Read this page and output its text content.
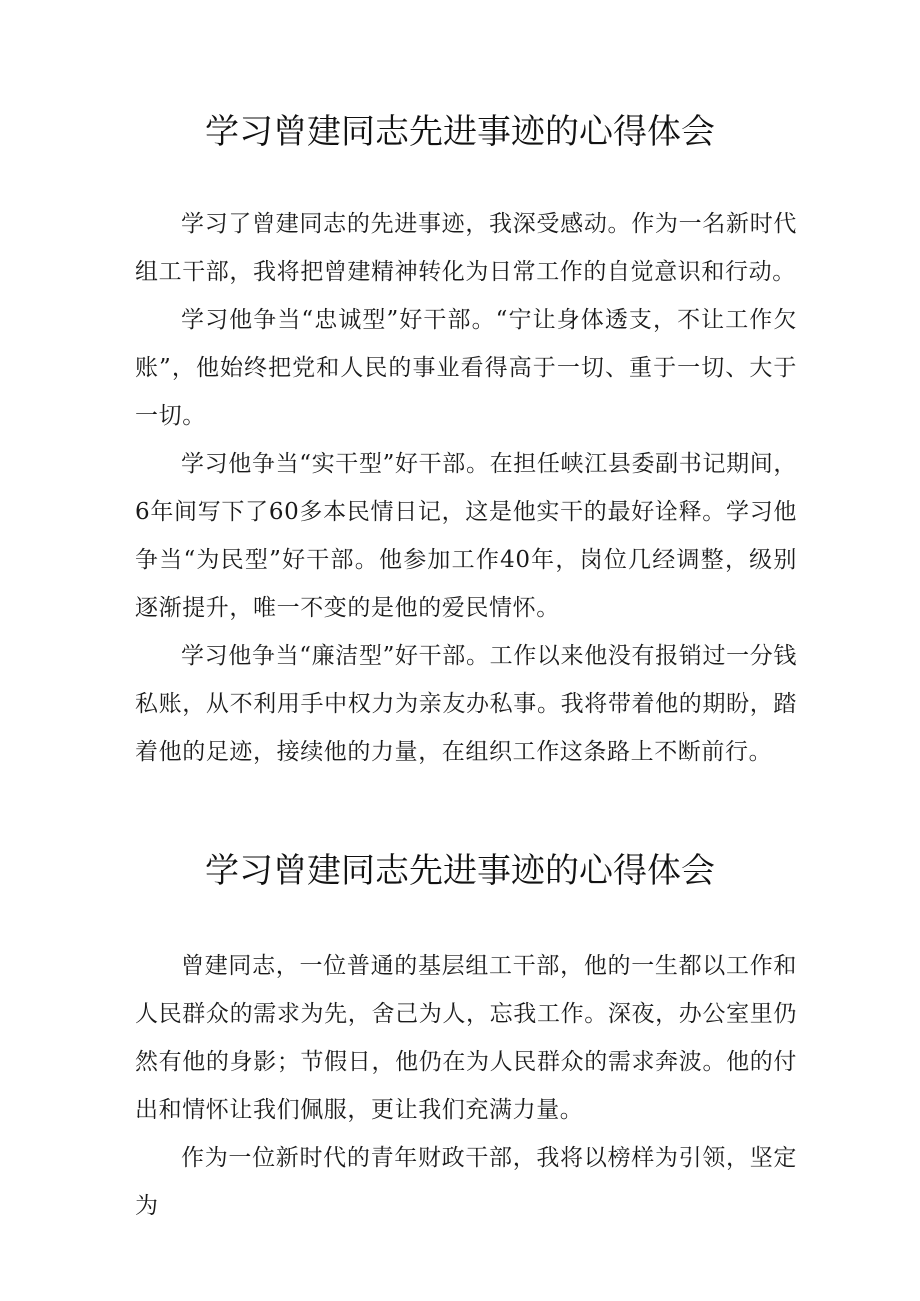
学习曾建同志先进事迹的心得体会

学习了曾建同志的先进事迹，我深受感动。作为一名新时代组工干部，我将把曾建精神转化为日常工作的自觉意识和行动。

学习他争当“忠诚型”好干部。“宁让身体透支，不让工作欠账”，他始终把党和人民的事业看得高于一切、重于一切、大于一切。

学习他争当“实干型”好干部。在担任峡江县委副书记期间，6年间写下了60多本民情日记，这是他实干的最好诠释。学习他争当“为民型”好干部。他参加工作40年，岗位几经调整，级别逐渐提升，唯一不变的是他的爱民情怀。

学习他争当“廉洁型”好干部。工作以来他没有报销过一分钱私账，从不利用手中权力为亲友办私事。我将带着他的期盼，踏着他的足迹，接续他的力量，在组织工作这条路上不断前行。

学习曾建同志先进事迹的心得体会

曾建同志，一位普通的基层组工干部，他的一生都以工作和人民群众的需求为先，舍己为人，忘我工作。深夜，办公室里仍然有他的身影；节假日，他仍在为人民群众的需求奔波。他的付出和情怀让我们佩服，更让我们充满力量。

作为一位新时代的青年财政干部，我将以榜样为引领，坚定为
